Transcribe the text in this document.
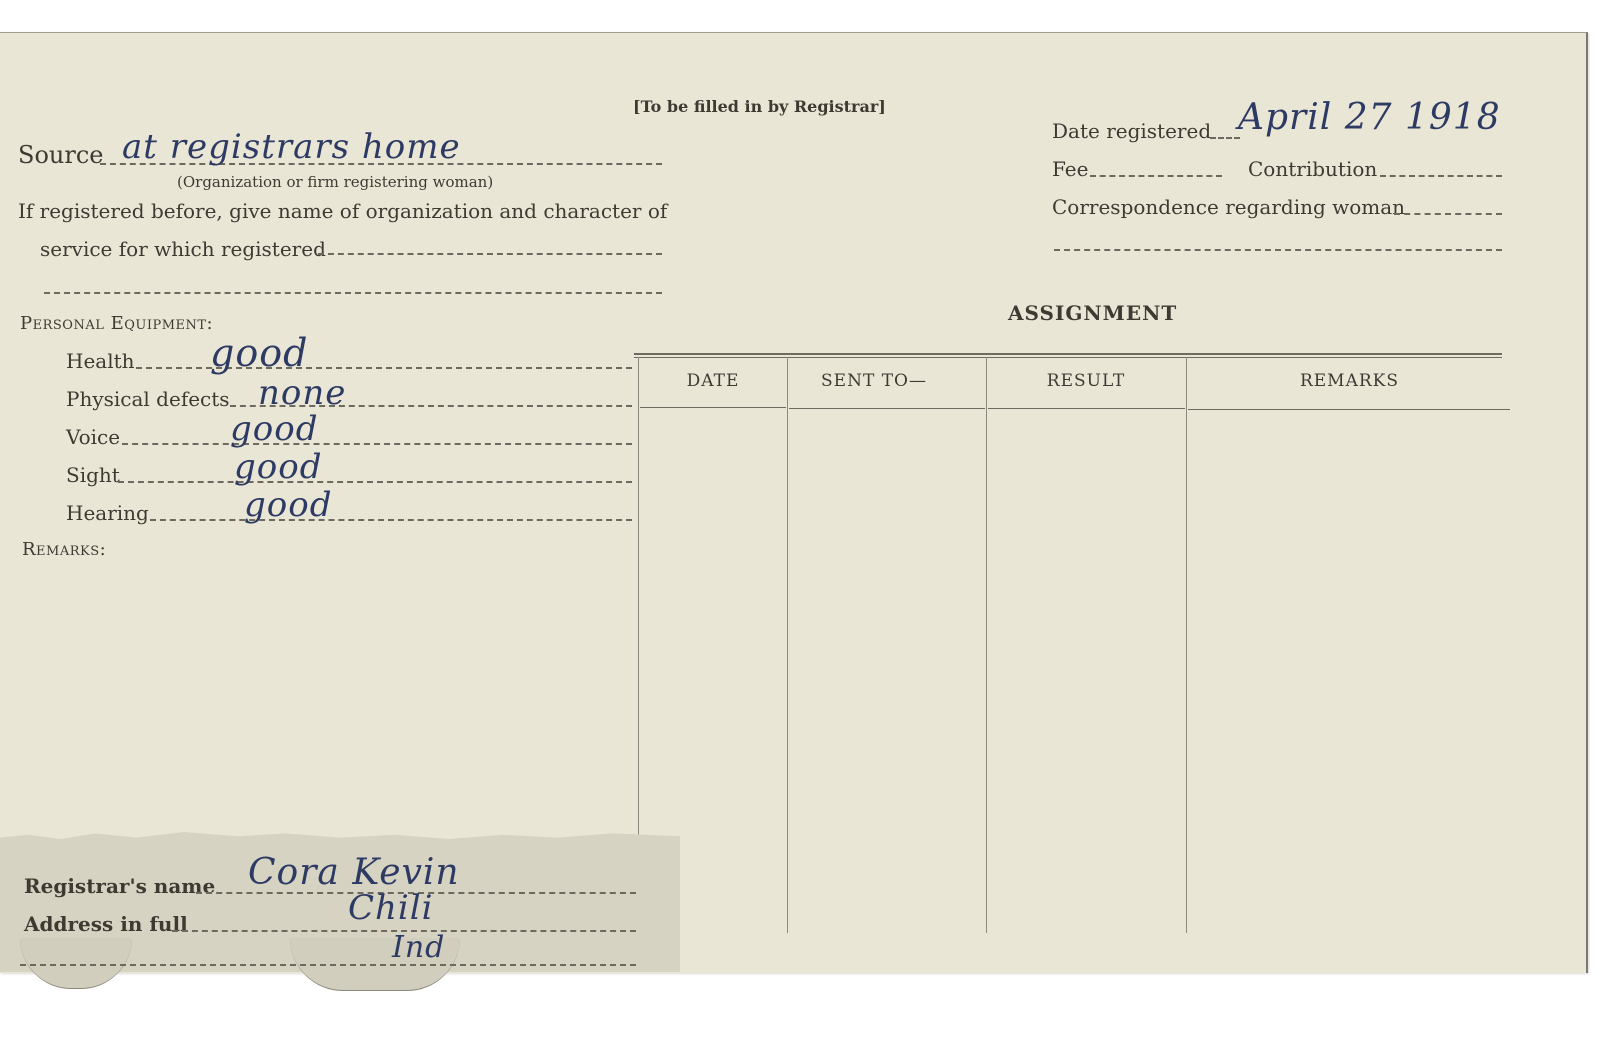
[To be filled in by Registrar]
Source at registrars home
(Organization or firm registering woman)
If registered before, give name of organization and character of
service for which registered
Date registered April 27 1918
Fee	Contribution
Correspondence regarding woman
Personal Equipment:
Health good
Physical defects none
Voice	good
Sight	good
Hearing	good
Remarks:
ASSIGNMENT
DATE	SENT TO—	RESULT	REMARKS
Registrar's name Cora Kevin
Address in full	Chili
Ind
